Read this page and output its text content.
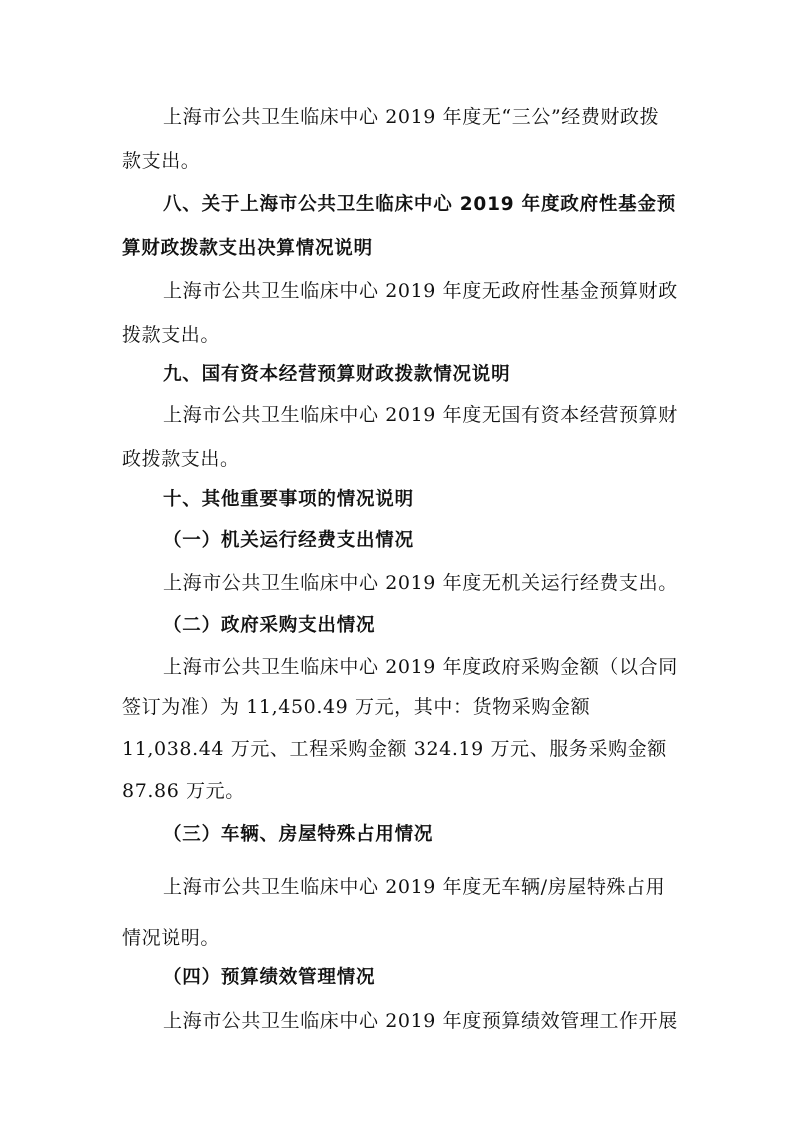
上海市公共卫生临床中心 2019 年度无“三公”经费财政拨
款支出。
八、关于上海市公共卫生临床中心 2019 年度政府性基金预
算财政拨款支出决算情况说明
上海市公共卫生临床中心 2019 年度无政府性基金预算财政
拨款支出。
九、国有资本经营预算财政拨款情况说明
上海市公共卫生临床中心 2019 年度无国有资本经营预算财
政拨款支出。
十、其他重要事项的情况说明
（一）机关运行经费支出情况
上海市公共卫生临床中心 2019 年度无机关运行经费支出。
（二）政府采购支出情况
上海市公共卫生临床中心 2019 年度政府采购金额（以合同
签订为准）为 11,450.49 万元，其中：货物采购金额
11,038.44 万元、工程采购金额 324.19 万元、服务采购金额
87.86 万元。
（三）车辆、房屋特殊占用情况
上海市公共卫生临床中心 2019 年度无车辆/房屋特殊占用
情况说明。
（四）预算绩效管理情况
上海市公共卫生临床中心 2019 年度预算绩效管理工作开展
